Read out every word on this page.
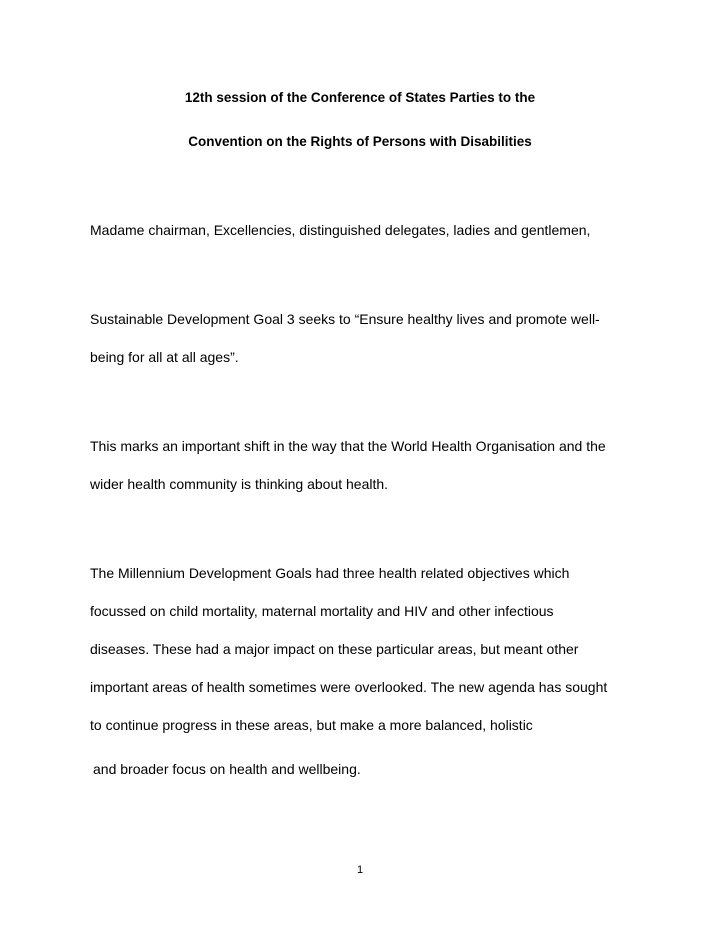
12th session of the Conference of States Parties to the
Convention on the Rights of Persons with Disabilities
Madame chairman, Excellencies, distinguished delegates, ladies and gentlemen,
Sustainable Development Goal 3 seeks to “Ensure healthy lives and promote well-
being for all at all ages”.
This marks an important shift in the way that the World Health Organisation and the
wider health community is thinking about health.
The Millennium Development Goals had three health related objectives which
focussed on child mortality, maternal mortality and HIV and other infectious
diseases. These had a major impact on these particular areas, but meant other
important areas of health sometimes were overlooked. The new agenda has sought
to continue progress in these areas, but make a more balanced, holistic
and broader focus on health and wellbeing.
1
